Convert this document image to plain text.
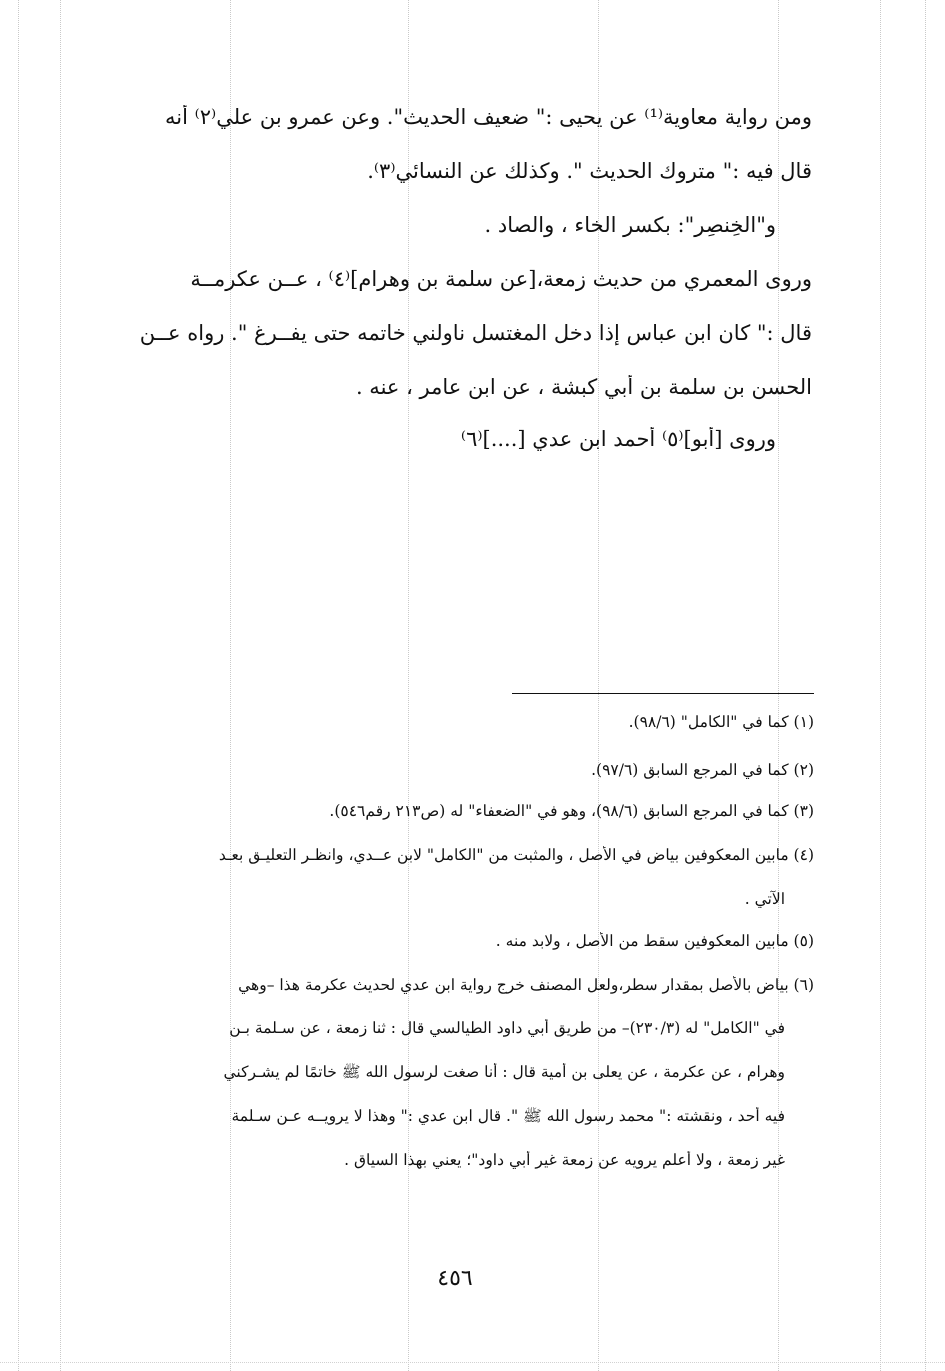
ومن رواية معاوية⁽¹⁾ عن يحيى :" ضعيف الحديث". وعن عمرو بن علي⁽٢⁾ أنه
قال فيه :" متروك الحديث ". وكذلك عن النسائي⁽٣⁾.
و"الخِنصِر": بكسر الخاء ، والصاد .
وروى المعمري من حديث زمعة،[عن سلمة بن وهرام]⁽٤⁾ ، عــن عكرمــة
قال :" كان ابن عباس إذا دخل المغتسل ناولني خاتمه حتى يفــرغ ". رواه عــن
الحسن بن سلمة بن أبي كبشة ، عن ابن عامر ، عنه .
وروى [أبو]⁽٥⁾ أحمد ابن عدي [....]⁽٦⁾
(١) كما في "الكامل" (٩٨/٦).
(٢) كما في المرجع السابق (٩٧/٦).
(٣) كما في المرجع السابق (٩٨/٦)، وهو في "الضعفاء" له (ص٢١٣ رقم٥٤٦).
(٤) مابين المعكوفين بياض في الأصل ، والمثبت من "الكامل" لابن عــدي، وانظـر التعليـق بعـد
الآتي .
(٥) مابين المعكوفين سقط من الأصل ، ولابد منه .
(٦) بياض بالأصل بمقدار سطر،ولعل المصنف خرج رواية ابن عدي لحديث عكرمة هذا –وهي
في "الكامل" له (٢٣٠/٣)– من طريق أبي داود الطيالسي قال : ثنا زمعة ، عن سـلمة بـن
وهرام ، عن عكرمة ، عن يعلى بن أمية قال : أنا صغت لرسول الله ﷺ خاتمًا لم يشـركني
فيه أحد ، ونقشته :" محمد رسول الله ﷺ ". قال ابن عدي :" وهذا لا يرويــه عـن سـلمة
غير زمعة ، ولا أعلم يرويه عن زمعة غير أبي داود"؛ يعني بهذا السياق .
٤٥٦
